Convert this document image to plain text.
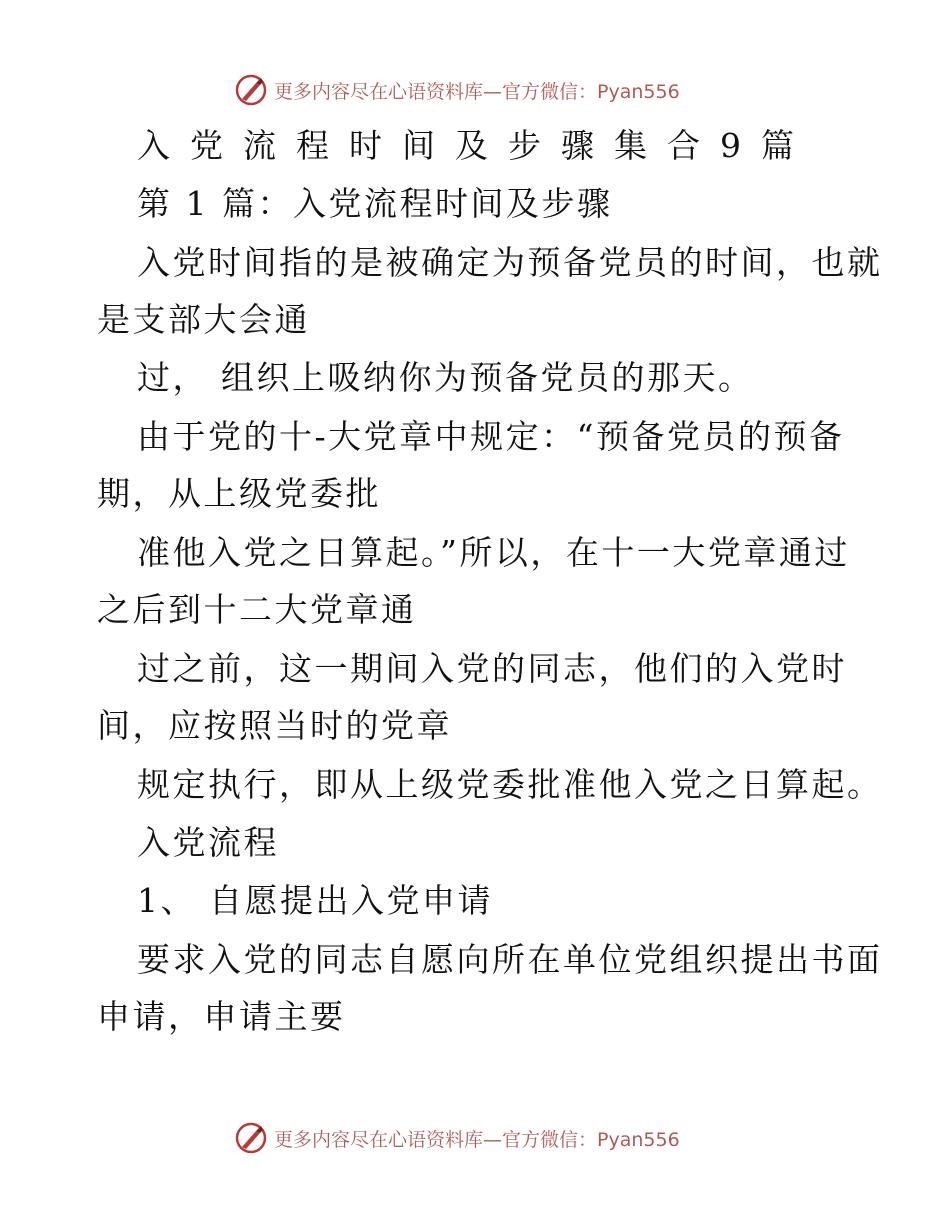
更多内容尽在心语资料库—官方微信：Pyan556
入党流程时间及步骤集合9篇
第 1 篇：入党流程时间及步骤
入党时间指的是被确定为预备党员的时间，也就
是支部大会通
过， 组织上吸纳你为预备党员的那天。
由于党的十-大党章中规定：“预备党员的预备
期，从上级党委批
准他入党之日算起。”所以，在十一大党章通过
之后到十二大党章通
过之前，这一期间入党的同志，他们的入党时
间，应按照当时的党章
规定执行，即从上级党委批准他入党之日算起。
入党流程
1、 自愿提出入党申请
要求入党的同志自愿向所在单位党组织提出书面
申请，申请主要
更多内容尽在心语资料库—官方微信：Pyan556
